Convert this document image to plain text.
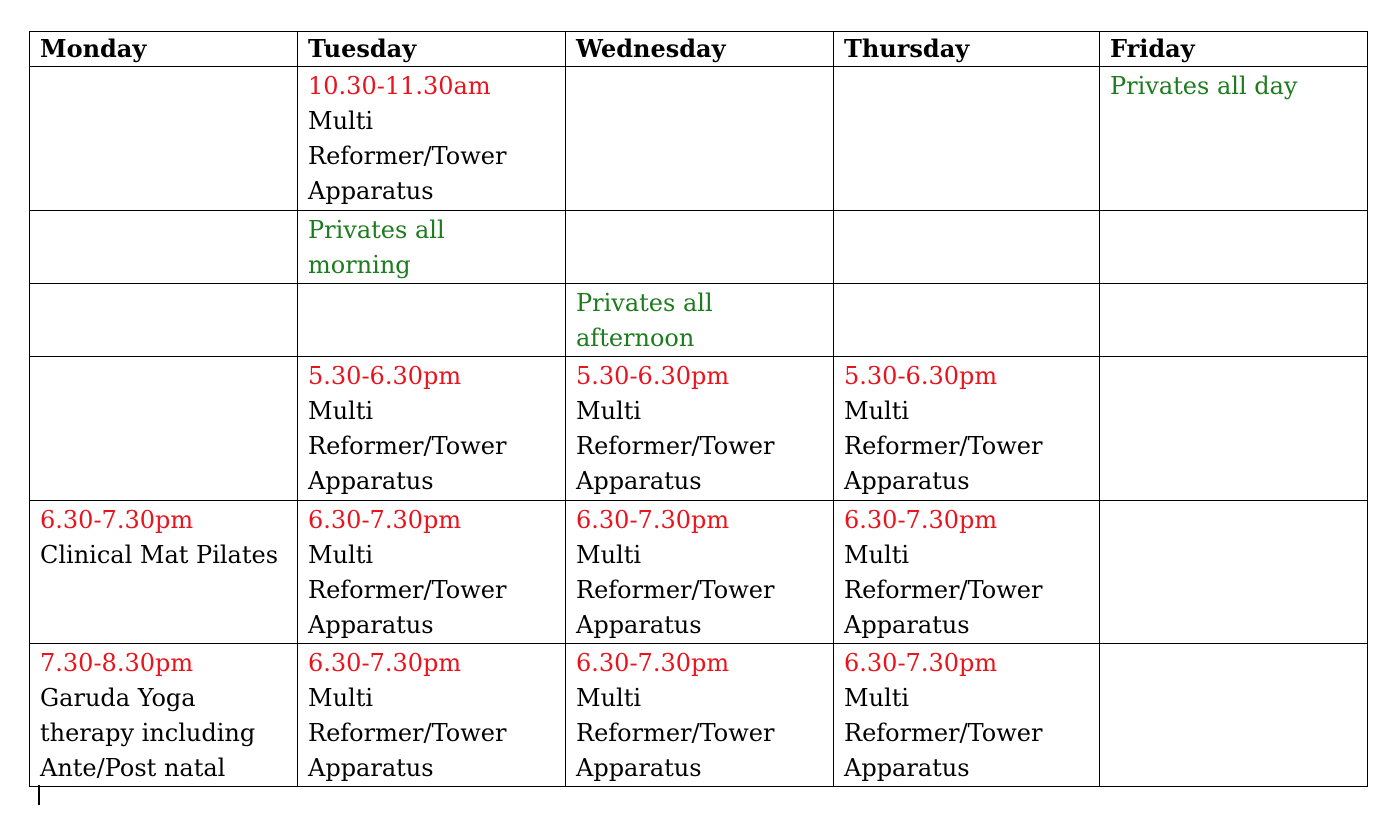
Monday	Tuesday	Wednesday	Thursday	Friday

	10.30-11.30am
Multi
Reformer/Tower
Apparatus			Privates all day

	Privates all
morning			

		Privates all
afternoon		

	5.30-6.30pm
Multi
Reformer/Tower
Apparatus	5.30-6.30pm
Multi
Reformer/Tower
Apparatus	5.30-6.30pm
Multi
Reformer/Tower
Apparatus	

6.30-7.30pm
Clinical Mat Pilates	6.30-7.30pm
Multi
Reformer/Tower
Apparatus	6.30-7.30pm
Multi
Reformer/Tower
Apparatus	6.30-7.30pm
Multi
Reformer/Tower
Apparatus	

7.30-8.30pm
Garuda Yoga
therapy including
Ante/Post natal	6.30-7.30pm
Multi
Reformer/Tower
Apparatus	6.30-7.30pm
Multi
Reformer/Tower
Apparatus	6.30-7.30pm
Multi
Reformer/Tower
Apparatus	
